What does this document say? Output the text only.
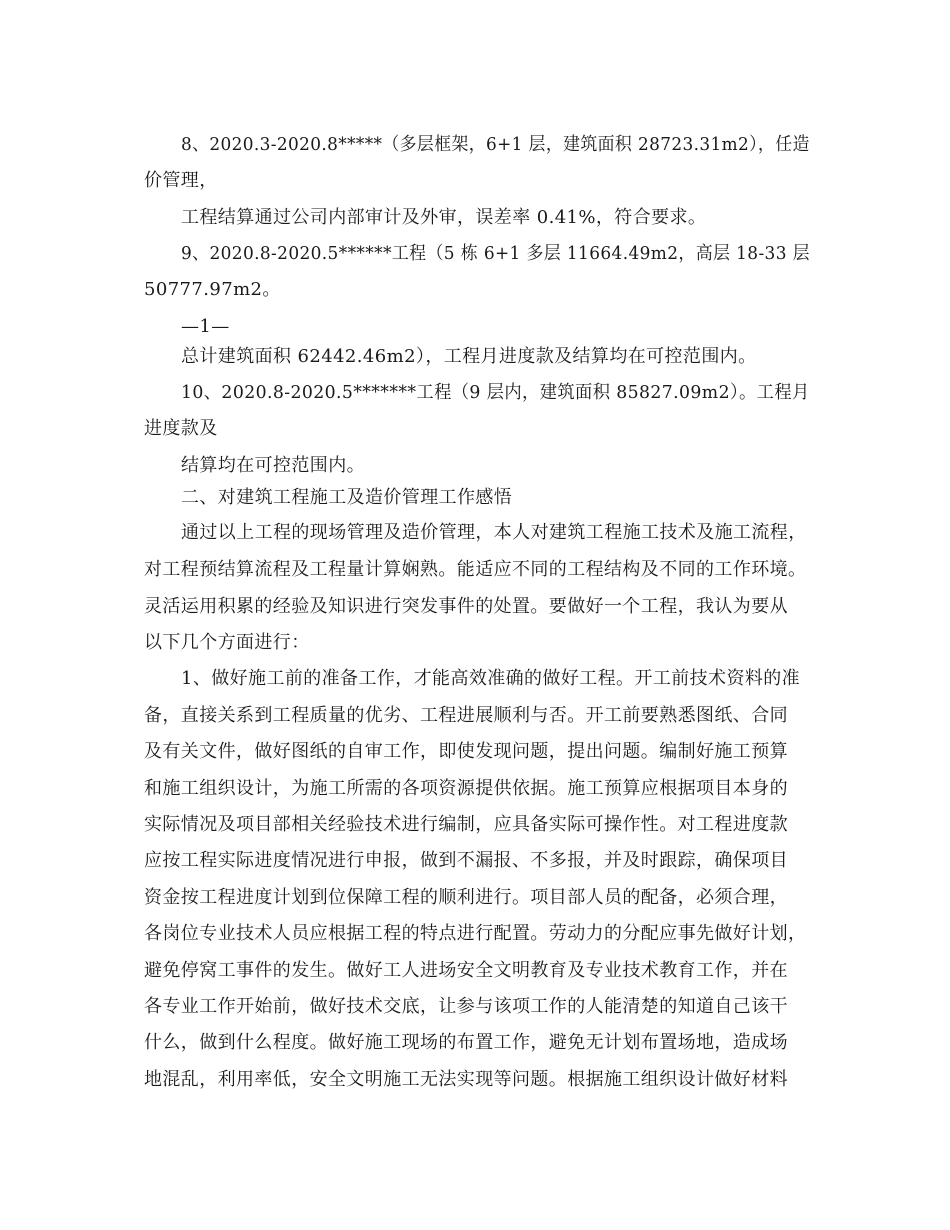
8、2020.3-2020.8*****（多层框架，6+1 层，建筑面积 28723.31m2），任造
价管理，
工程结算通过公司内部审计及外审，误差率 0.41%，符合要求。
9、2020.8-2020.5******工程（5 栋 6+1 多层 11664.49m2，高层 18-33 层
50777.97m2。
—1—
总计建筑面积 62442.46m2），工程月进度款及结算均在可控范围内。
10、2020.8-2020.5*******工程（9 层内，建筑面积 85827.09m2）。工程月
进度款及
结算均在可控范围内。
二、对建筑工程施工及造价管理工作感悟
通过以上工程的现场管理及造价管理，本人对建筑工程施工技术及施工流程，
对工程预结算流程及工程量计算娴熟。能适应不同的工程结构及不同的工作环境。
灵活运用积累的经验及知识进行突发事件的处置。要做好一个工程，我认为要从
以下几个方面进行：
1、做好施工前的准备工作，才能高效准确的做好工程。开工前技术资料的准
备，直接关系到工程质量的优劣、工程进展顺利与否。开工前要熟悉图纸、合同
及有关文件，做好图纸的自审工作，即使发现问题，提出问题。编制好施工预算
和施工组织设计，为施工所需的各项资源提供依据。施工预算应根据项目本身的
实际情况及项目部相关经验技术进行编制，应具备实际可操作性。对工程进度款
应按工程实际进度情况进行申报，做到不漏报、不多报，并及时跟踪，确保项目
资金按工程进度计划到位保障工程的顺利进行。项目部人员的配备，必须合理，
各岗位专业技术人员应根据工程的特点进行配置。劳动力的分配应事先做好计划，
避免停窝工事件的发生。做好工人进场安全文明教育及专业技术教育工作，并在
各专业工作开始前，做好技术交底，让参与该项工作的人能清楚的知道自己该干
什么，做到什么程度。做好施工现场的布置工作，避免无计划布置场地，造成场
地混乱，利用率低，安全文明施工无法实现等问题。根据施工组织设计做好材料
